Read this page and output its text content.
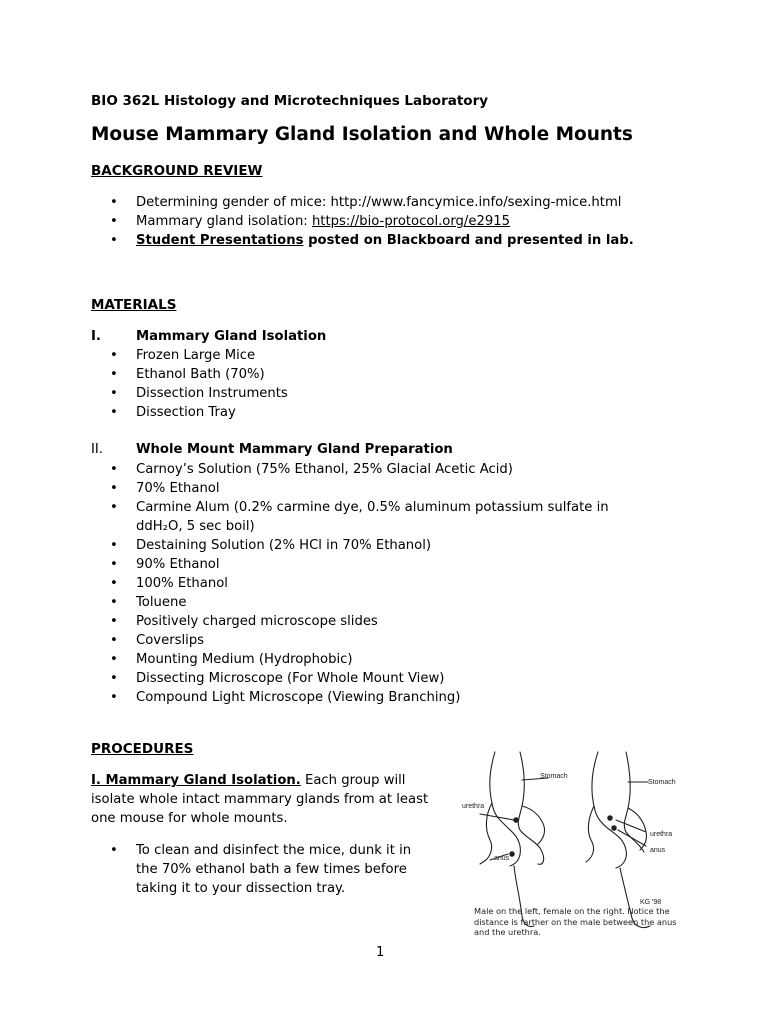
BIO 362L Histology and Microtechniques Laboratory
Mouse Mammary Gland Isolation and Whole Mounts
BACKGROUND REVIEW
• Determining gender of mice: http://www.fancymice.info/sexing-mice.html
• Mammary gland isolation: https://bio-protocol.org/e2915
• Student Presentations posted on Blackboard and presented in lab.
MATERIALS
I.	Mammary Gland Isolation
• Frozen Large Mice
• Ethanol Bath (70%)
• Dissection Instruments
• Dissection Tray
II.	Whole Mount Mammary Gland Preparation
• Carnoy’s Solution (75% Ethanol, 25% Glacial Acetic Acid)
• 70% Ethanol
• Carmine Alum (0.2% carmine dye, 0.5% aluminum potassium sulfate in
ddH₂O, 5 sec boil)
• Destaining Solution (2% HCl in 70% Ethanol)
• 90% Ethanol
• 100% Ethanol
• Toluene
• Positively charged microscope slides
• Coverslips
• Mounting Medium (Hydrophobic)
• Dissecting Microscope (For Whole Mount View)
• Compound Light Microscope (Viewing Branching)
PROCEDURES
I. Mammary Gland Isolation. Each group will
isolate whole intact mammary glands from at least
one mouse for whole mounts.
• To clean and disinfect the mice, dunk it in
the 70% ethanol bath a few times before
taking it to your dissection tray.
Stomach
Stomach
urethra
anus
urethra
anus
KG '98
Male on the left, female on the right. Notice the distance is farther on the male between the anus and the urethra.
1
